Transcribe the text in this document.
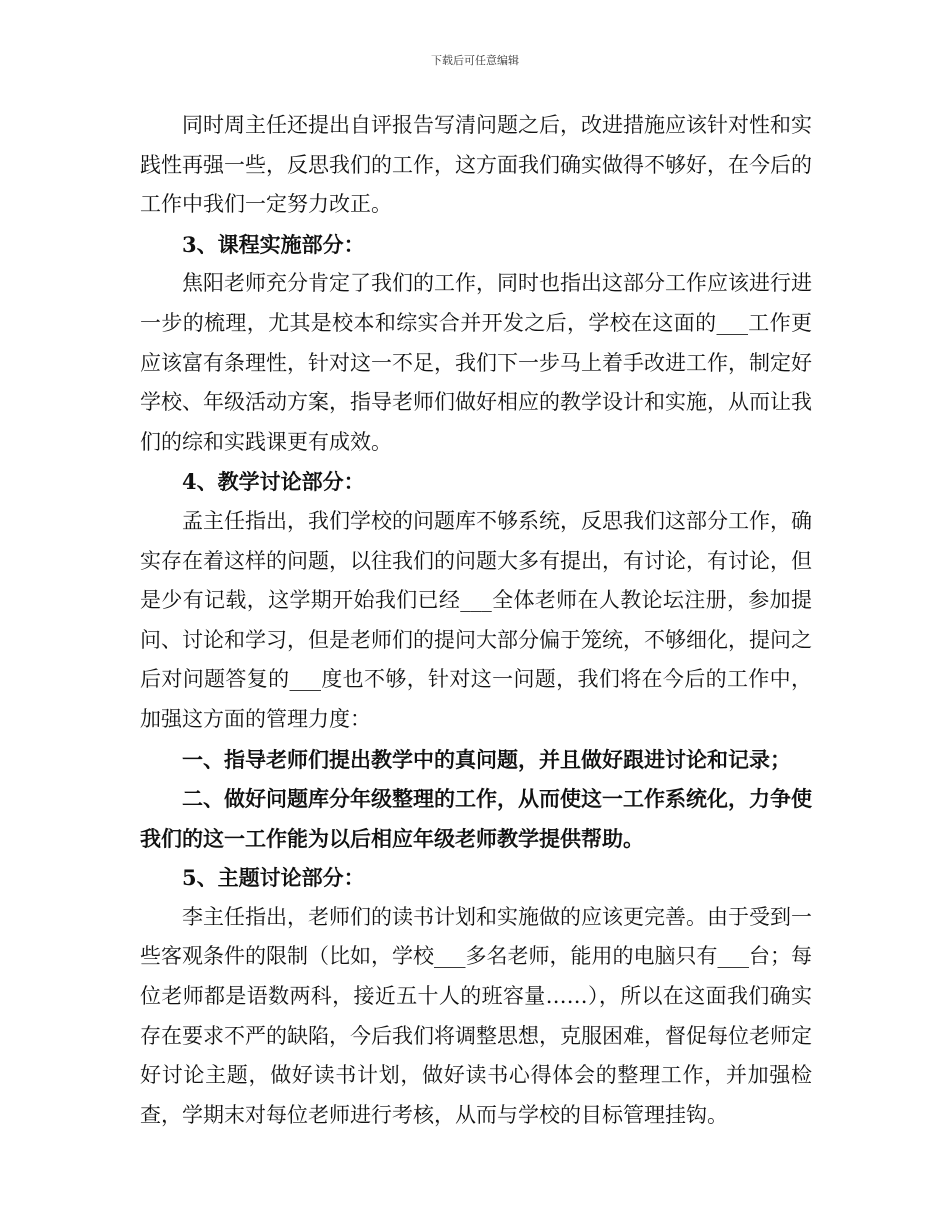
下载后可任意编辑

同时周主任还提出自评报告写清问题之后，改进措施应该针对性和实践性再强一些，反思我们的工作，这方面我们确实做得不够好，在今后的工作中我们一定努力改正。

3、课程实施部分：

焦阳老师充分肯定了我们的工作，同时也指出这部分工作应该进行进一步的梳理，尤其是校本和综实合并开发之后，学校在这面的___工作更应该富有条理性，针对这一不足，我们下一步马上着手改进工作，制定好学校、年级活动方案，指导老师们做好相应的教学设计和实施，从而让我们的综和实践课更有成效。

4、教学讨论部分：

孟主任指出，我们学校的问题库不够系统，反思我们这部分工作，确实存在着这样的问题，以往我们的问题大多有提出，有讨论，有讨论，但是少有记载，这学期开始我们已经___全体老师在人教论坛注册，参加提问、讨论和学习，但是老师们的提问大部分偏于笼统，不够细化，提问之后对问题答复的___度也不够，针对这一问题，我们将在今后的工作中，加强这方面的管理力度：

一、指导老师们提出教学中的真问题，并且做好跟进讨论和记录；

二、做好问题库分年级整理的工作，从而使这一工作系统化，力争使我们的这一工作能为以后相应年级老师教学提供帮助。

5、主题讨论部分：

李主任指出，老师们的读书计划和实施做的应该更完善。由于受到一些客观条件的限制（比如，学校___多名老师，能用的电脑只有___台；每位老师都是语数两科，接近五十人的班容量……），所以在这面我们确实存在要求不严的缺陷，今后我们将调整思想，克服困难，督促每位老师定好讨论主题，做好读书计划，做好读书心得体会的整理工作，并加强检查，学期末对每位老师进行考核，从而与学校的目标管理挂钩。
